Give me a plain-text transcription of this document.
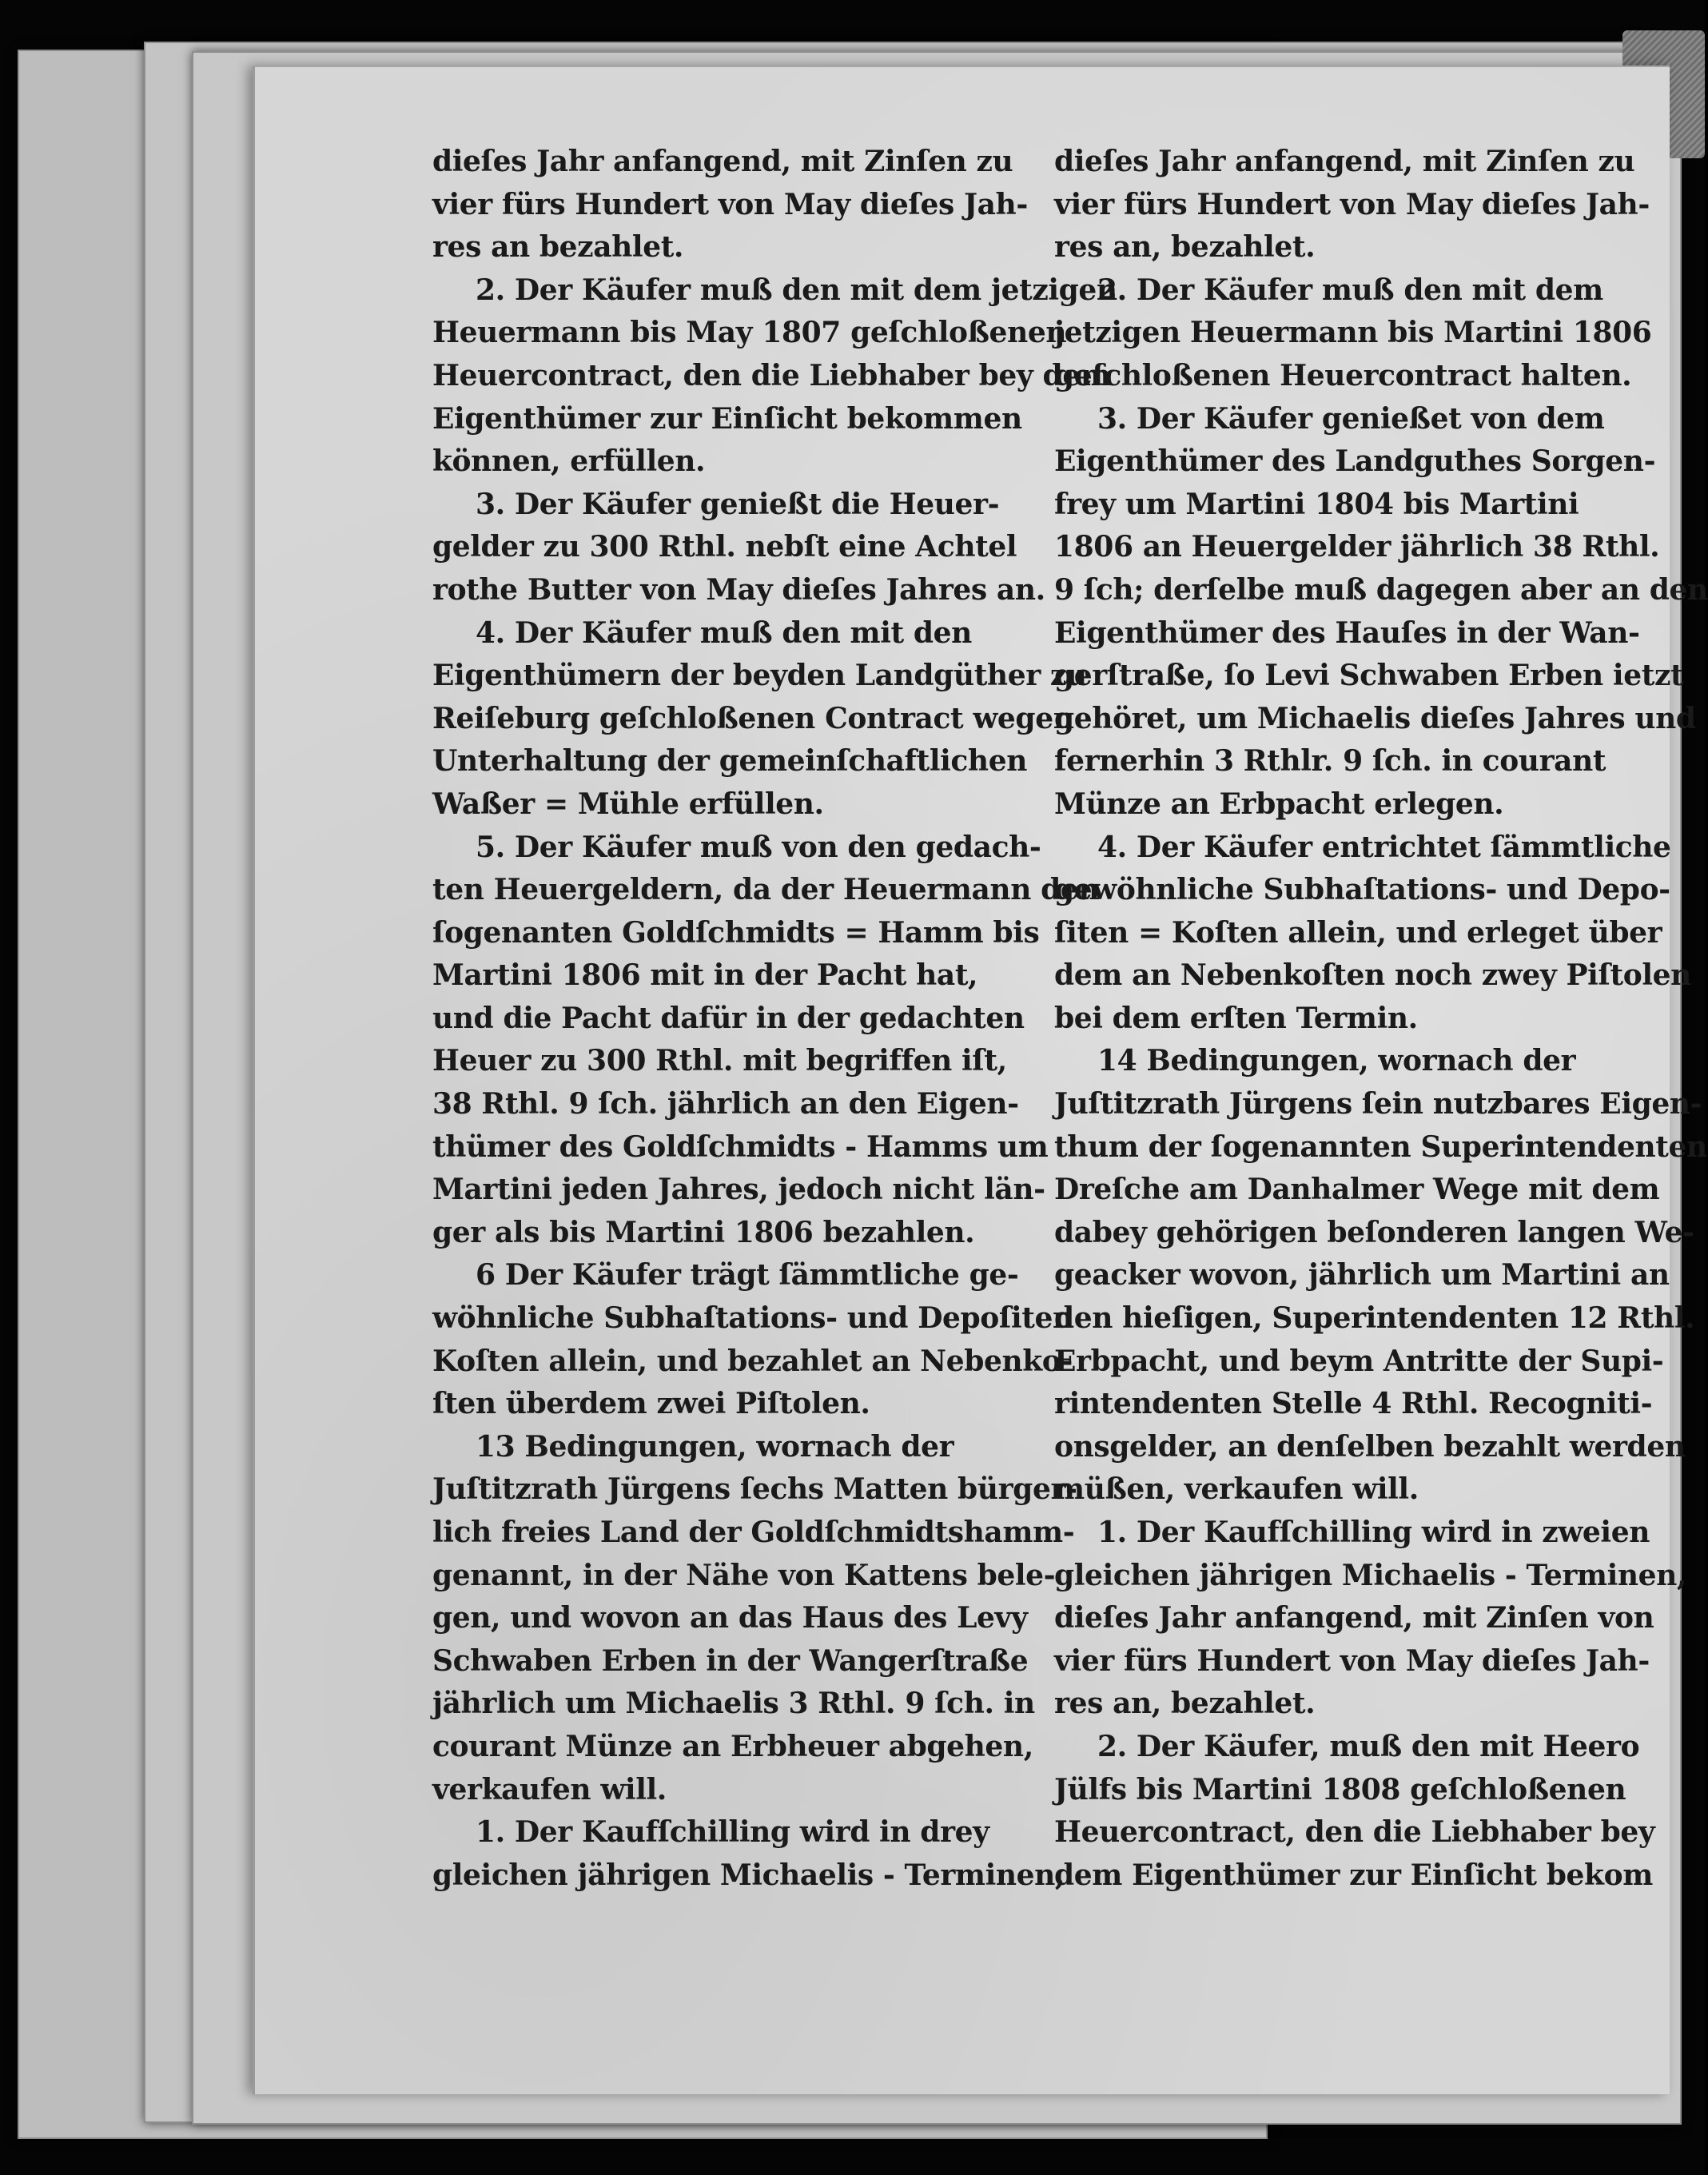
dieſes Jahr anfangend, mit Zinſen zu
vier fürs Hundert von May dieſes Jah-
res an bezahlet.
2. Der Käufer muß den mit dem jetzigen
Heuermann bis May 1807 geſchloßenen
Heuercontract, den die Liebhaber bey dem
Eigenthümer zur Einſicht bekommen
können, erfüllen.
3. Der Käufer genießt die Heuer-
gelder zu 300 Rthl. nebſt eine Achtel
rothe Butter von May dieſes Jahres an.
4. Der Käufer muß den mit den
Eigenthümern der beyden Landgüther zu
Reiſeburg geſchloßenen Contract wegen
Unterhaltung der gemeinſchaftlichen
Waßer = Mühle erfüllen.
5. Der Käufer muß von den gedach-
ten Heuergeldern, da der Heuermann den
ſogenanten Goldſchmidts = Hamm bis
Martini 1806 mit in der Pacht hat,
und die Pacht dafür in der gedachten
Heuer zu 300 Rthl. mit begriffen iſt,
38 Rthl. 9 ſch. jährlich an den Eigen-
thümer des Goldſchmidts - Hamms um
Martini jeden Jahres, jedoch nicht län-
ger als bis Martini 1806 bezahlen.
6 Der Käufer trägt ſämmtliche ge-
wöhnliche Subhaſtations- und Depoſiten
Koſten allein, und bezahlet an Nebenko-
ſten überdem zwei Piſtolen.
13 Bedingungen, wornach der
Juſtitzrath Jürgens ſechs Matten bürger-
lich freies Land der Goldſchmidtshamm-
genannt, in der Nähe von Kattens bele-
gen, und wovon an das Haus des Levy
Schwaben Erben in der Wangerſtraße
jährlich um Michaelis 3 Rthl. 9 ſch. in
courant Münze an Erbheuer abgehen,
verkaufen will.
1. Der Kaufſchilling wird in drey
gleichen jährigen Michaelis - Terminen,
dieſes Jahr anfangend, mit Zinſen zu
vier fürs Hundert von May dieſes Jah-
res an, bezahlet.
2. Der Käufer muß den mit dem
jetzigen Heuermann bis Martini 1806
geſchloßenen Heuercontract halten.
3. Der Käufer genießet von dem
Eigenthümer des Landguthes Sorgen-
frey um Martini 1804 bis Martini
1806 an Heuergelder jährlich 38 Rthl.
9 ſch; derſelbe muß dagegen aber an den
Eigenthümer des Hauſes in der Wan-
gerſtraße, ſo Levi Schwaben Erben ietzt
gehöret, um Michaelis dieſes Jahres und
fernerhin 3 Rthlr. 9 ſch. in courant
Münze an Erbpacht erlegen.
4. Der Käufer entrichtet ſämmtliche
gewöhnliche Subhaſtations- und Depo-
ſiten = Koſten allein, und erleget über
dem an Nebenkoſten noch zwey Piſtolen
bei dem erſten Termin.
14 Bedingungen, wornach der
Juſtitzrath Jürgens ſein nutzbares Eigen-
thum der ſogenannten Superintendenten
Dreſche am Danhalmer Wege mit dem
dabey gehörigen beſonderen langen We-
geacker wovon, jährlich um Martini an
den hieſigen, Superintendenten 12 Rthl.
Erbpacht, und beym Antritte der Supi-
rintendenten Stelle 4 Rthl. Recogniti-
onsgelder, an denſelben bezahlt werden
müßen, verkaufen will.
1. Der Kaufſchilling wird in zweien
gleichen jährigen Michaelis - Terminen,
dieſes Jahr anfangend, mit Zinſen von
vier fürs Hundert von May dieſes Jah-
res an, bezahlet.
2. Der Käufer, muß den mit Heero
Jülfs bis Martini 1808 geſchloßenen
Heuercontract, den die Liebhaber bey
dem Eigenthümer zur Einſicht bekom
